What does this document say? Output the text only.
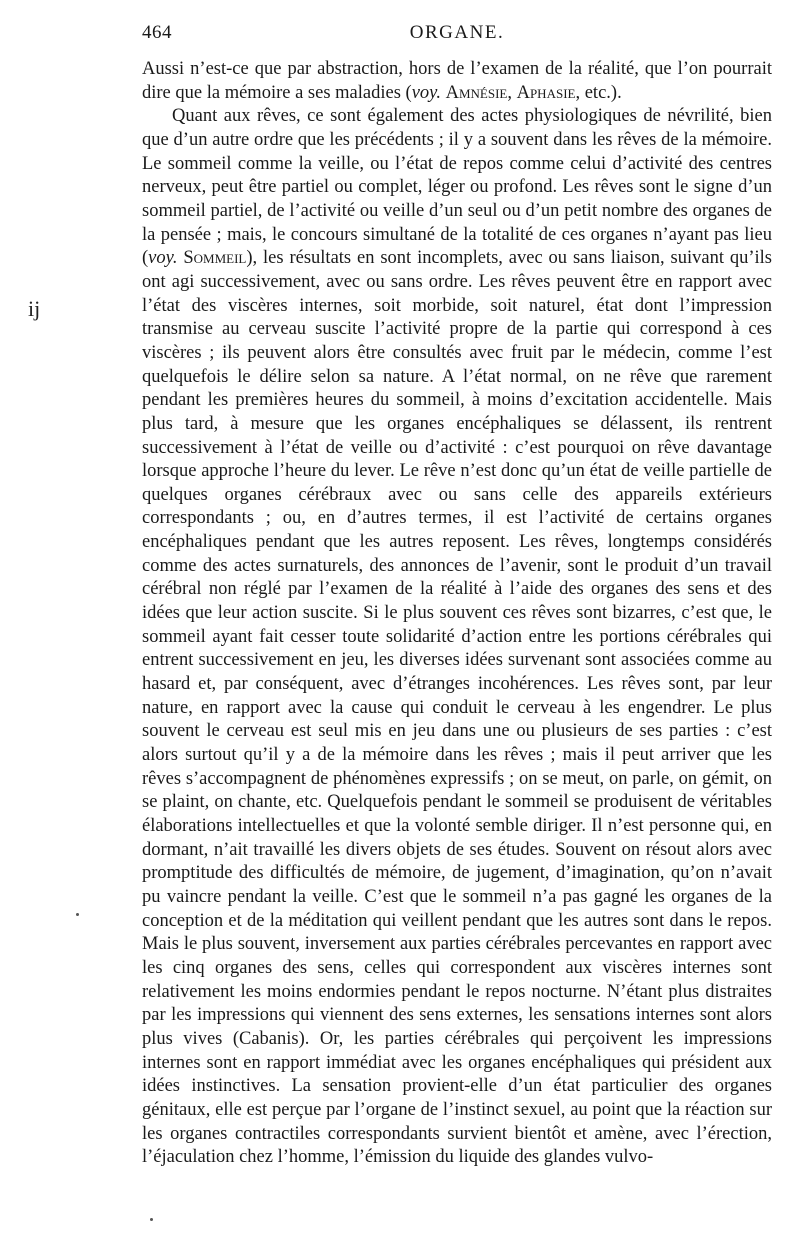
464	ORGANE.
ij

Aussi n’est-ce que par abstraction, hors de l’examen de la réalité, que l’on pourrait dire que la mémoire a ses maladies (voy. Amnésie, Aphasie, etc.).

Quant aux rêves, ce sont également des actes physiologiques de névrilité, bien que d’un autre ordre que les précédents ; il y a souvent dans les rêves de la mémoire. Le sommeil comme la veille, ou l’état de repos comme celui d’activité des centres nerveux, peut être partiel ou complet, léger ou profond. Les rêves sont le signe d’un sommeil partiel, de l’activité ou veille d’un seul ou d’un petit nombre des organes de la pensée ; mais, le concours simultané de la totalité de ces organes n’ayant pas lieu (voy. Sommeil), les résultats en sont incomplets, avec ou sans liaison, suivant qu’ils ont agi successivement, avec ou sans ordre. Les rêves peuvent être en rapport avec l’état des viscères internes, soit morbide, soit naturel, état dont l’impression transmise au cerveau suscite l’activité propre de la partie qui correspond à ces viscères ; ils peuvent alors être consultés avec fruit par le médecin, comme l’est quelquefois le délire selon sa nature. A l’état normal, on ne rêve que rarement pendant les premières heures du sommeil, à moins d’excitation accidentelle. Mais plus tard, à mesure que les organes encéphaliques se délassent, ils rentrent successivement à l’état de veille ou d’activité : c’est pourquoi on rêve davantage lorsque approche l’heure du lever. Le rêve n’est donc qu’un état de veille partielle de quelques organes cérébraux avec ou sans celle des appareils extérieurs correspondants ; ou, en d’autres termes, il est l’activité de certains organes encéphaliques pendant que les autres reposent. Les rêves, longtemps considérés comme des actes surnaturels, des annonces de l’avenir, sont le produit d’un travail cérébral non réglé par l’examen de la réalité à l’aide des organes des sens et des idées que leur action suscite. Si le plus souvent ces rêves sont bizarres, c’est que, le sommeil ayant fait cesser toute solidarité d’action entre les portions cérébrales qui entrent successivement en jeu, les diverses idées survenant sont associées comme au hasard et, par conséquent, avec d’étranges incohérences. Les rêves sont, par leur nature, en rapport avec la cause qui conduit le cerveau à les engendrer. Le plus souvent le cerveau est seul mis en jeu dans une ou plusieurs de ses parties : c’est alors surtout qu’il y a de la mémoire dans les rêves ; mais il peut arriver que les rêves s’accompagnent de phénomènes expressifs ; on se meut, on parle, on gémit, on se plaint, on chante, etc. Quelquefois pendant le sommeil se produisent de véritables élaborations intellectuelles et que la volonté semble diriger. Il n’est personne qui, en dormant, n’ait travaillé les divers objets de ses études. Souvent on résout alors avec promptitude des difficultés de mémoire, de jugement, d’imagination, qu’on n’avait pu vaincre pendant la veille. C’est que le sommeil n’a pas gagné les organes de la conception et de la méditation qui veillent pendant que les autres sont dans le repos. Mais le plus souvent, inversement aux parties cérébrales percevantes en rapport avec les cinq organes des sens, celles qui correspondent aux viscères internes sont relativement les moins endormies pendant le repos nocturne. N’étant plus distraites par les impressions qui viennent des sens externes, les sensations internes sont alors plus vives (Cabanis). Or, les parties cérébrales qui perçoivent les impressions internes sont en rapport immédiat avec les organes encéphaliques qui président aux idées instinctives. La sensation provient-elle d’un état particulier des organes génitaux, elle est perçue par l’organe de l’instinct sexuel, au point que la réaction sur les organes contractiles correspondants survient bientôt et amène, avec l’érection, l’éjaculation chez l’homme, l’émission du liquide des glandes vulvo-
